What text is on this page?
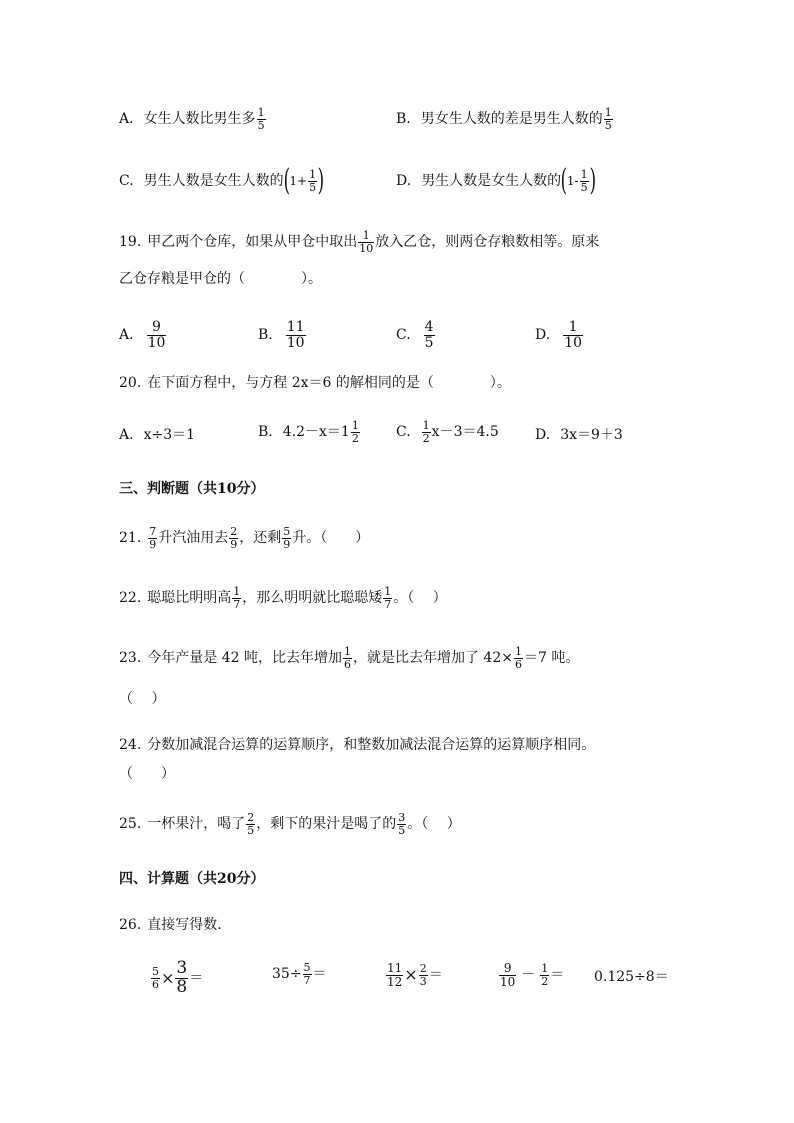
A. 女生人数比男生多 $\frac{1}{5}$	B. 男女生人数的差是男生人数的 $\frac{1}{5}$
C. 男生人数是女生人数的($1+ \frac{1}{5}$ )	D. 男生人数是女生人数的($1- \frac{1}{5}$ )
19. 甲乙两个仓库，如果从甲仓中取出 $\frac{1}{10}$ 放入乙仓，则两仓存粮数相等。原来
乙仓存粮是甲仓的（　　　　）。
A. $\frac{9}{10}$	B. $\frac{11}{10}$	C. $\frac{4}{5}$	D. $\frac{1}{10}$
20. 在下面方程中，与方程 2x＝6 的解相同的是（　　　　）。
A. x÷3＝1	B. $4.2-x=1 \frac{1}{2}$	C. $\frac{1}{2} x-3=4.5$	D. 3x＝9＋3
三、判断题（共10分）
21. $\frac{7}{9}$ 升汽油用去 $\frac{2}{9}$ ，还剩 $\frac{5}{9}$ 升。（　　）
22. 聪聪比明明高 $\frac{1}{7}$ ，那么明明就比聪聪矮 $\frac{1}{7}$ 。（　 ）
23. 今年产量是 42 吨，比去年增加 $\frac{1}{6}$ ，就是比去年增加了 $42\times \frac{1}{6} =7$ 吨。
（　 ）
24. 分数加减混合运算的运算顺序，和整数加减法混合运算的运算顺序相同。
（　　）
25. 一杯果汁，喝了 $\frac{2}{5}$ ，剩下的果汁是喝了的 $\frac{3}{5}$ 。（　 ）
四、计算题（共20分）
26. 直接写得数.
$\frac{5}{6} \times \frac{3}{8}$ ＝	$35\div \frac{5}{7}$ ＝	$\frac{11}{12} \times \frac{2}{3}$ ＝	$\frac{9}{10} - \frac{1}{2} = 0.125\div 8=$
